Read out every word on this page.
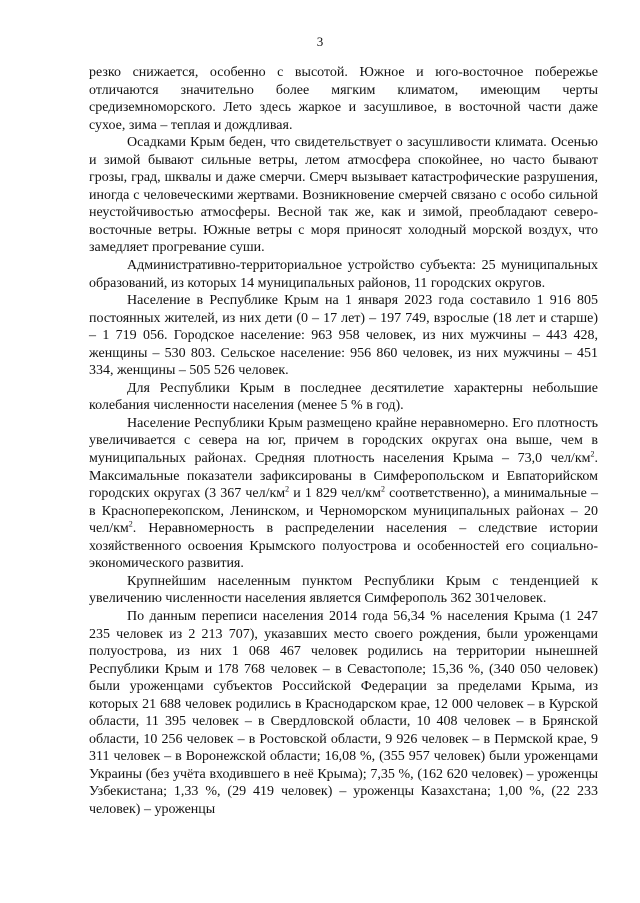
3

резко снижается, особенно с высотой. Южное и юго-восточное побережье отличаются значительно более мягким климатом, имеющим черты средиземноморского. Лето здесь жаркое и засушливое, в восточной части даже сухое, зима – теплая и дождливая.

Осадками Крым беден, что свидетельствует о засушливости климата. Осенью и зимой бывают сильные ветры, летом атмосфера спокойнее, но часто бывают грозы, град, шквалы и даже смерчи. Смерч вызывает катастрофические разрушения, иногда с человеческими жертвами. Возникновение смерчей связано с особо сильной неустойчивостью атмосферы. Весной так же, как и зимой, преобладают северо-восточные ветры. Южные ветры с моря приносят холодный морской воздух, что замедляет прогревание суши.

Административно-территориальное устройство субъекта: 25 муниципальных образований, из которых 14 муниципальных районов, 11 городских округов.

Население в Республике Крым на 1 января 2023 года составило 1 916 805 постоянных жителей, из них дети (0 – 17 лет) – 197 749, взрослые (18 лет и старше) – 1 719 056. Городское население: 963 958 человек, из них мужчины – 443 428, женщины – 530 803. Сельское население: 956 860 человек, из них мужчины – 451 334, женщины – 505 526 человек.

Для Республики Крым в последнее десятилетие характерны небольшие колебания численности населения (менее 5 % в год).

Население Республики Крым размещено крайне неравномерно. Его плотность увеличивается с севера на юг, причем в городских округах она выше, чем в муниципальных районах. Средняя плотность населения Крыма – 73,0 чел/$км^2$. Максимальные показатели зафиксированы в Симферопольском и Евпаторийском городских округах (3 367 чел/$км^2$ и 1 829 чел/$км^2$ соответственно), а минимальные – в Красноперекопском, Ленинском, и Черноморском муниципальных районах – 20 чел/$км^2$. Неравномерность в распределении населения – следствие истории хозяйственного освоения Крымского полуострова и особенностей его социально-экономического развития.

Крупнейшим населенным пунктом Республики Крым с тенденцией к увеличению численности населения является Симферополь 362 301человек.

По данным переписи населения 2014 года 56,34 % населения Крыма (1 247 235 человек из 2 213 707), указавших место своего рождения, были уроженцами полуострова, из них 1 068 467 человек родились на территории нынешней Республики Крым и 178 768 человек – в Севастополе; 15,36 %, (340 050 человек) были уроженцами субъектов Российской Федерации за пределами Крыма, из которых 21 688 человек родились в Краснодарском крае, 12 000 человек – в Курской области, 11 395 человек – в Свердловской области, 10 408 человек – в Брянской области, 10 256 человек – в Ростовской области, 9 926 человек – в Пермской крае, 9 311 человек – в Воронежской области; 16,08 %, (355 957 человек) были уроженцами Украины (без учёта входившего в неё Крыма); 7,35 %, (162 620 человек) – уроженцы Узбекистана; 1,33 %, (29 419 человек) – уроженцы Казахстана; 1,00 %, (22 233 человек) – уроженцы
